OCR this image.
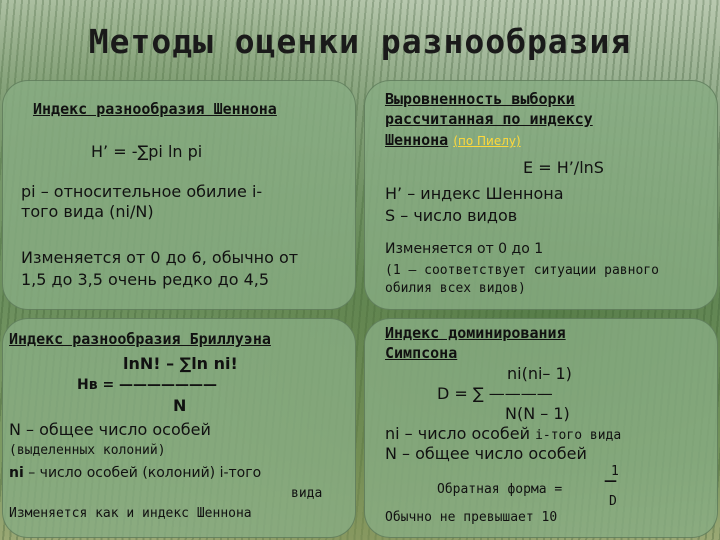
Методы оценки разнообразия
Индекс разнообразия Шеннона
H’ = -∑pi ln pi
pi – относительное обилие i-
того вида (ni/N)
Изменяется от 0 до 6, обычно от
1,5 до 3,5 очень редко до 4,5
Выровненность выборки
рассчитанная по индексу
Шеннона (по Пиелу)
E = H’/lnS
H’ – индекс Шеннона
S – число видов
Изменяется от 0 до 1
(1 – соответствует ситуации равного
обилия всех видов)
Индекс разнообразия Бриллуэна
lnN! – ∑ln ni!
Hв = ———————
N
N – общее число особей
(выделенных колоний)
ni – число особей (колоний) i-того
вида
Изменяется как и индекс Шеннона
Индекс доминирования
Симпсона
ni(ni– 1)
D = ∑ ————
N(N – 1)
ni – число особей i-того вида
N – общее число особей
1
Обратная форма =
—
D
Обычно не превышает 10
